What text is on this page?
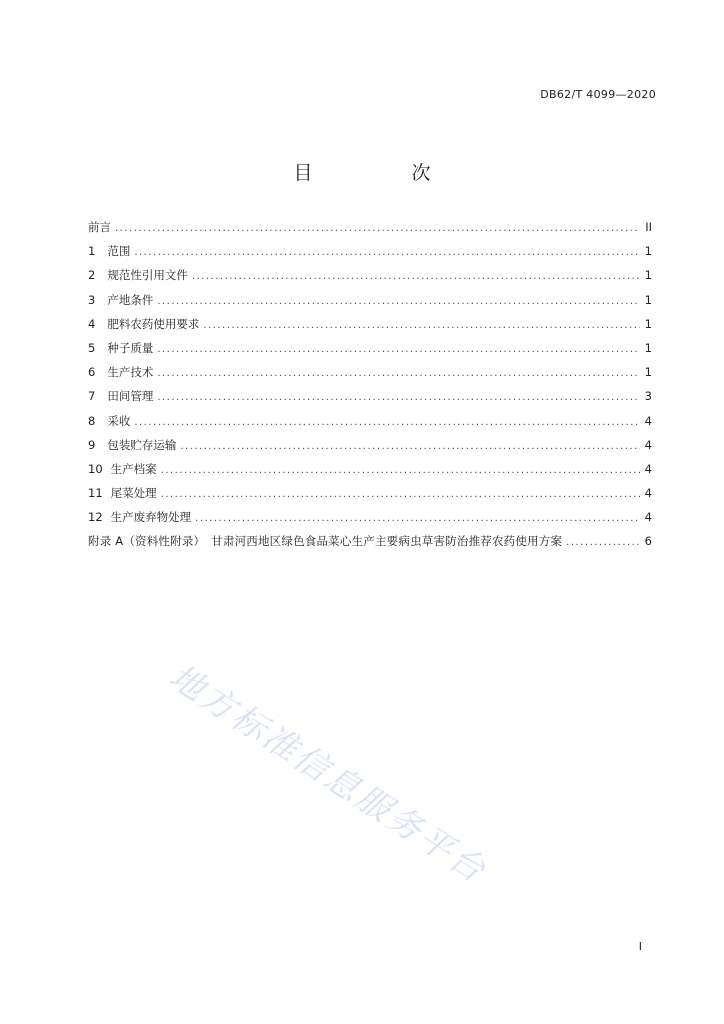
DB62/T 4099—2020
目　次
前言 .....	II
1 范围 .....	1
2 规范性引用文件 .....	1
3 产地条件 .....	1
4 肥料农药使用要求 .....	1
5 种子质量 .....	1
6 生产技术 .....	1
7 田间管理 .....	3
8 采收 .....	4
9 包装贮存运输 .....	4
10 生产档案 .....	4
11 尾菜处理 .....	4
12 生产废弃物处理 .....	4
附录 A（资料性附录）　甘肃河西地区绿色食品菜心生产主要病虫草害防治推荐农药使用方案 .....	6
地方标准信息服务平台
I
